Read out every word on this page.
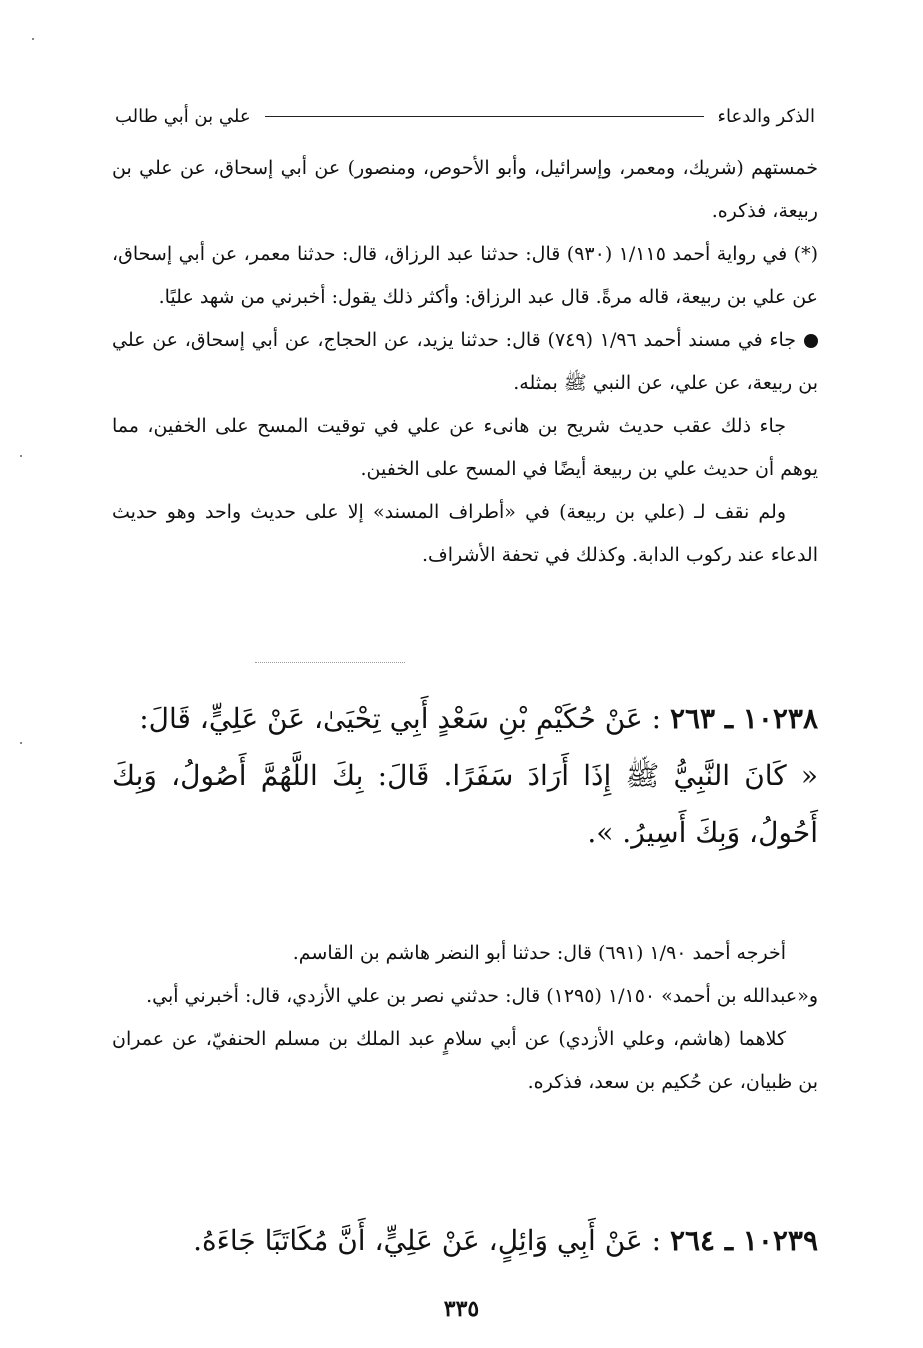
الذكر والدعاء
علي بن أبي طالب

خمستهم (شريك، ومعمر، وإسرائيل، وأبو الأحوص، ومنصور) عن أبي إسحاق، عن علي بن ربيعة، فذكره.

(*) في رواية أحمد ١/١١٥ (٩٣٠) قال: حدثنا عبد الرزاق، قال: حدثنا معمر، عن أبي إسحاق، عن علي بن ربيعة، قاله مرةً. قال عبد الرزاق: وأكثر ذلك يقول: أخبرني من شهد عليًا.

جاء في مسند أحمد ١/٩٦ (٧٤٩) قال: حدثنا يزيد، عن الحجاج، عن أبي إسحاق، عن علي بن ربيعة، عن علي، عن النبي ﷺ بمثله.

جاء ذلك عقب حديث شريح بن هانىء عن علي في توقيت المسح على الخفين، مما يوهم أن حديث علي بن ربيعة أيضًا في المسح على الخفين.

ولم نقف لـ (علي بن ربيعة) في «أطراف المسند» إلا على حديث واحد وهو حديث الدعاء عند ركوب الدابة. وكذلك في تحفة الأشراف.

١٠٢٣٨ ـ ٢٦٣ : عَنْ حُكَيْمِ بْنِ سَعْدٍ أَبِي تِحْيَىٰ، عَنْ عَلِيٍّ، قَالَ:

« كَانَ النَّبِيُّ ﷺ إِذَا أَرَادَ سَفَرًا. قَالَ: بِكَ اللَّهُمَّ أَصُولُ، وَبِكَ أَحُولُ، وَبِكَ أَسِيرُ. ».

أخرجه أحمد ١/٩٠ (٦٩١) قال: حدثنا أبو النضر هاشم بن القاسم.

و«عبدالله بن أحمد» ١/١٥٠ (١٢٩٥) قال: حدثني نصر بن علي الأزدي، قال: أخبرني أبي.

كلاهما (هاشم، وعلي الأزدي) عن أبي سلامٍ عبد الملك بن مسلم الحنفيّ، عن عمران بن ظبيان، عن حُكيم بن سعد، فذكره.

١٠٢٣٩ ـ ٢٦٤ : عَنْ أَبِي وَائِلٍ، عَنْ عَلِيٍّ، أَنَّ مُكَاتَبًا جَاءَهُ.

٣٣٥
